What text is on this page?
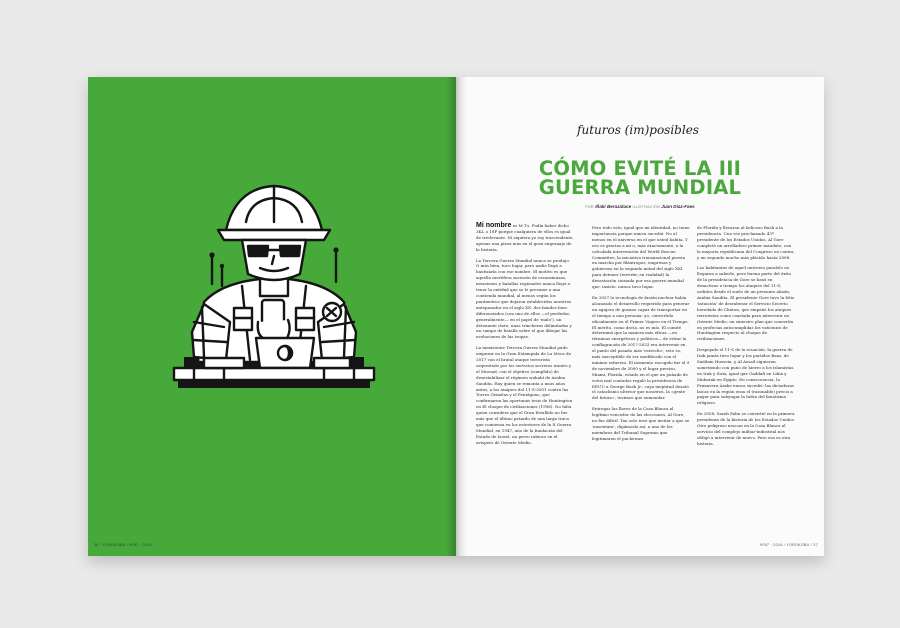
36 / YOROKOBU / Nº87 · 2016
futuros (im)posibles
CÓMO EVITÉ LA III
GUERRA MUNDIAL
POR Iñaki Berazaluce ILUSTRACIÓN Juan Díaz-Faes

Mi nombre es M.T.s. Podía haber dicho 3KL o 18P porque cualquiera de ellos es igual de irrelevante. Ni siquiera yo soy trascendente, apenas una pieza más en el gran engranaje de la historia.

La Tercera Guerra Mundial nunca se produjo. O más bien, tuvo lugar, pero nadie llegó a bautizarla con ese nombre. El motivo es que aquella mortífera sucesión de escaramuzas, invasiones y batallas regionales nunca llegó a tener la entidad que se le presume a una contienda mundial, al menos según los parámetros que dejaron establecidos nuestros antepasados en el siglo XX: dos bandos bien diferenciados (con uno de ellos —el perdedor, generalmente— en el papel de 'malo'), un detonante claro, unas trincheras delimitadas y un campo de batalla sobre el que dibujar las evoluciones de las tropas.

La inexistente Tercera Guerra Mundial pudo empezar en la Gran Estampida de La Meca de 2017 con el brutal ataque terrorista orquestado por los servicios secretos iraníes y el Mossad, con el objetivo (cumplido) de desestabilizar el régimen wahabí de Arabia Saudita. Hay quien se remonta a unos años antes, a los ataques del 11-S-2001 contra las Torres Gemelas y el Pentágono, que confirmaron las oportunas tesis de Huntington en El choque de civilizaciones (1996). No falta quien considera que el Gran Estallido no fue más que el último petardo de una larga traca que comienza en los estertores de la II Guerra Mundial, en 1947, año de la fundación del Estado de Israel, un perro rabioso en el avispero de Oriente Medio.

Pero todo esto, igual que mi identidad, no tiene importancia porque nunca sucedió. No al menos en el universo en el que usted habita. Y eso es gracias a mí o, más exactamente, a la calculada intervención del World Rescue Committee, la iniciativa transnacional puesta en marcha por filántropos, empresas y gobiernos en la segunda mitad del siglo XXI para detener (revertir, en realidad) la devastación causada por esa guerra mundial que, insisto, nunca tuvo lugar.

En 2057 la tecnología de fusión nuclear había alcanzado el desarrollo requerido para generar un agujero de gusano capaz de transportar en el tiempo a una persona: yo, convertido oficialmente en el Primer Viajero en el Tiempo. El mérito, como decía, no es mío. El comité determinó que la manera más eficaz —en términos energéticos y políticos— de evitar la conflagración de 2017-2023 era intervenir en el punto del pasado más 'estrecho', esto es, más susceptible de ser modificado con el mínimo esfuerzo. El momento escogido fue el 9 de noviembre de 2000 y el lugar preciso, Miami, Florida, estado en el que un puñado de votos mal contados regaló la presidencia de EEUU a George Bush Jr., cuya ineptitud desató el cataclismo ulterior que nosotros, la «gente del futuro», tuvimos que enmendar.

Entregar las llaves de la Casa Blanca al legítimo vencedor de las elecciones, Al Gore, no fue difícil. Tan solo tuve que invitar a que se 'ausentara', digámoslo así, a uno de los miembros del Tribunal Supremo que legitimaron el pucherazo

de Florida y llevaron al belicoso Bush a la presidencia. Una vez proclamado 43º presidente de los Estados Unidos, Al Gore completó un arrolladoro primer mandato, con la mayoría republicana del Congreso en contra, y un segundo mucho más plácido hasta 2008.

Los habitantes de aquel universo paralelo no llegaron a saberlo, pero buena parte del éxito de la presidencia de Gore se basó en desactivar a tiempo los ataques del 11-S, urdidos desde el suelo de un presunto aliado, Arabia Saudita. El presidente Gore tuvo la feliz 'intuición' de desrabezar el Servicio Secreto heredado de Clinton, que empañó los ataques terroristas como coartada para intervenir en Oriente Medio, un siniestro plan que convertía en profecías autocumplidas los vaticinios de Huntington respecto al choque de civilizaciones.

Despejado el 11-S de la ecuación, la guerra de Irak jamás tuvo lugar y los partidos Baaz, de Saddam Hussein, y Al Assad siguieron sometiendo con puño de hierro a los islamistas en Irak y Siria, igual que Gaddafi en Libia y Mubarak en Egipto. En consecuencia, la Primavera Árabe nunca sucedió: las dictaduras laicas en la región eran el (razonable) precio a pagar para subyugar la hidra del fanatismo religioso.

En 2008, Sarah Palin se convirtió en la primera presidenta de la historia de los Estados Unidos. Otro peligroso neocon en la Casa Blanca al servicio del complejo militar-industrial nos obligó a intervenir de nuevo. Pero esa es otra historia.

Nº87 · 2016 / YOROKOBU / 37
